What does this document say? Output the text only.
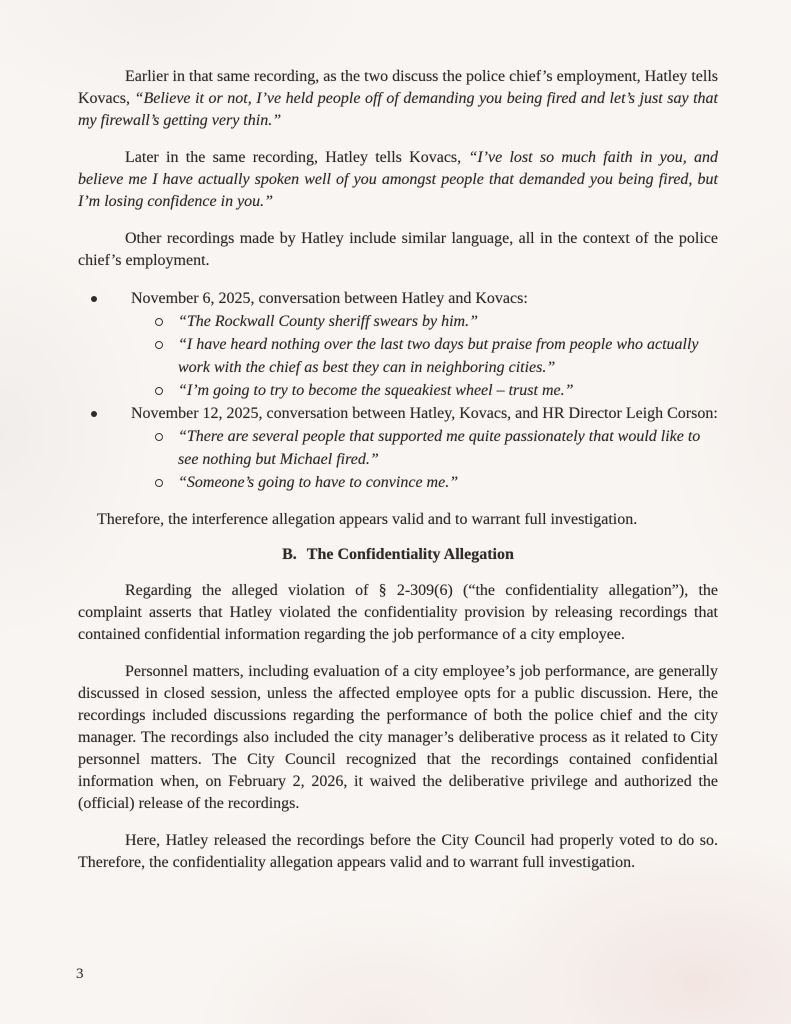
Earlier in that same recording, as the two discuss the police chief’s employment, Hatley tells Kovacs, “Believe it or not, I’ve held people off of demanding you being fired and let’s just say that my firewall’s getting very thin.”

Later in the same recording, Hatley tells Kovacs, “I’ve lost so much faith in you, and believe me I have actually spoken well of you amongst people that demanded you being fired, but I’m losing confidence in you.”

Other recordings made by Hatley include similar language, all in the context of the police chief’s employment.

November 6, 2025, conversation between Hatley and Kovacs:
“The Rockwall County sheriff swears by him.”
“I have heard nothing over the last two days but praise from people who actually work with the chief as best they can in neighboring cities.”
“I’m going to try to become the squeakiest wheel – trust me.”
November 12, 2025, conversation between Hatley, Kovacs, and HR Director Leigh Corson:
“There are several people that supported me quite passionately that would like to see nothing but Michael fired.”
“Someone’s going to have to convince me.”

Therefore, the interference allegation appears valid and to warrant full investigation.

B. The Confidentiality Allegation

Regarding the alleged violation of § 2-309(6) (“the confidentiality allegation”), the complaint asserts that Hatley violated the confidentiality provision by releasing recordings that contained confidential information regarding the job performance of a city employee.

Personnel matters, including evaluation of a city employee’s job performance, are generally discussed in closed session, unless the affected employee opts for a public discussion. Here, the recordings included discussions regarding the performance of both the police chief and the city manager. The recordings also included the city manager’s deliberative process as it related to City personnel matters. The City Council recognized that the recordings contained confidential information when, on February 2, 2026, it waived the deliberative privilege and authorized the (official) release of the recordings.

Here, Hatley released the recordings before the City Council had properly voted to do so. Therefore, the confidentiality allegation appears valid and to warrant full investigation.

3
